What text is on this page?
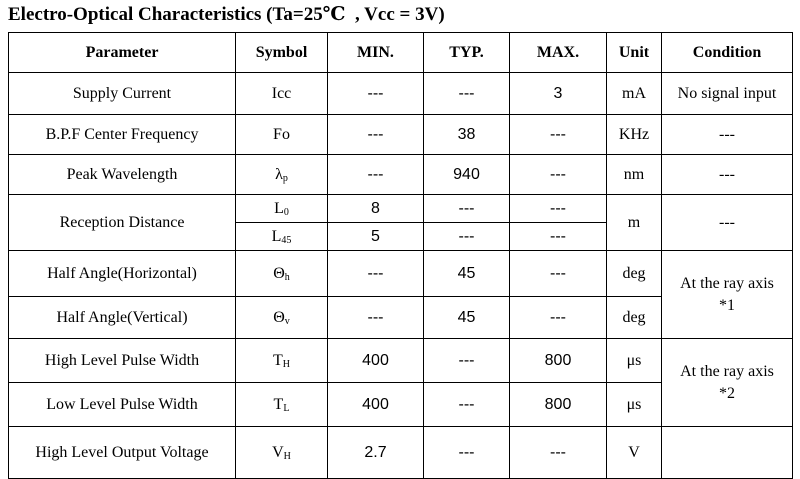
Electro-Optical Characteristics (Ta=25℃  , Vcc = 3V)
Parameter	Symbol	MIN.	TYP.	MAX.	Unit	Condition
Supply Current	Icc	---	---	3	mA	No signal input
B.P.F Center Frequency	Fo	---	38	---	KHz	---
Peak Wavelength	$\lambda_p$	---	940	---	nm	---
Reception Distance	$L_0$	8	---	---	m	---
	$L_{45}$	5	---	---		
Half Angle(Horizontal)	$\Theta_h$	---	45	---	deg	At the ray axis
*1
Half Angle(Vertical)	$\Theta_v$	---	45	---	deg	
High Level Pulse Width	$T_H$	400	---	800	μs	At the ray axis
*2
Low Level Pulse Width	$T_L$	400	---	800	μs	
High Level Output Voltage	$V_H$	2.7	---	---	V	
